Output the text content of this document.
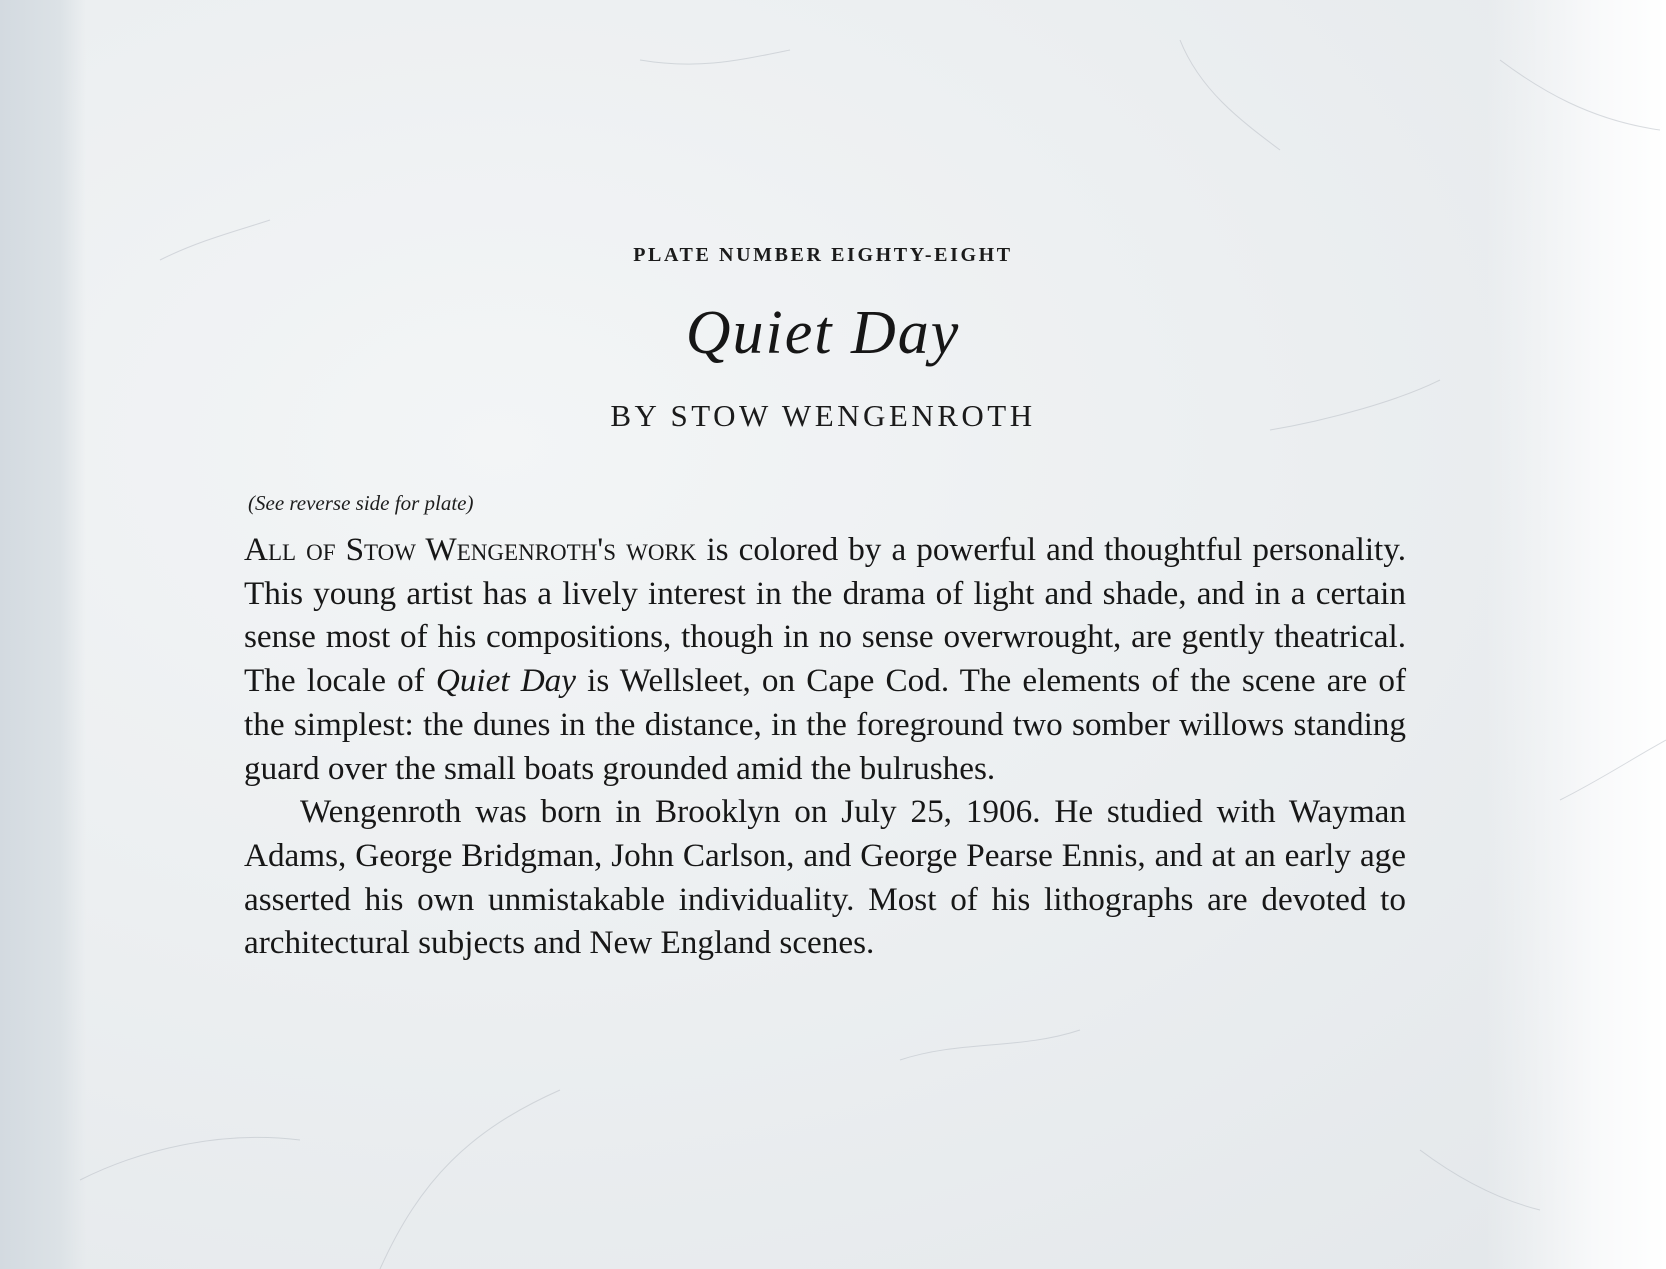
PLATE NUMBER EIGHTY-EIGHT
Quiet Day
BY STOW WENGENROTH
(See reverse side for plate)

All of Stow Wengenroth's work is colored by a powerful and thoughtful personality. This young artist has a lively interest in the drama of light and shade, and in a certain sense most of his compositions, though in no sense overwrought, are gently theatrical. The locale of Quiet Day is Wellsleet, on Cape Cod. The elements of the scene are of the simplest: the dunes in the distance, in the foreground two somber willows standing guard over the small boats grounded amid the bulrushes.

Wengenroth was born in Brooklyn on July 25, 1906. He studied with Wayman Adams, George Bridgman, John Carlson, and George Pearse Ennis, and at an early age asserted his own unmistakable individuality. Most of his lithographs are devoted to architectural subjects and New England scenes.
